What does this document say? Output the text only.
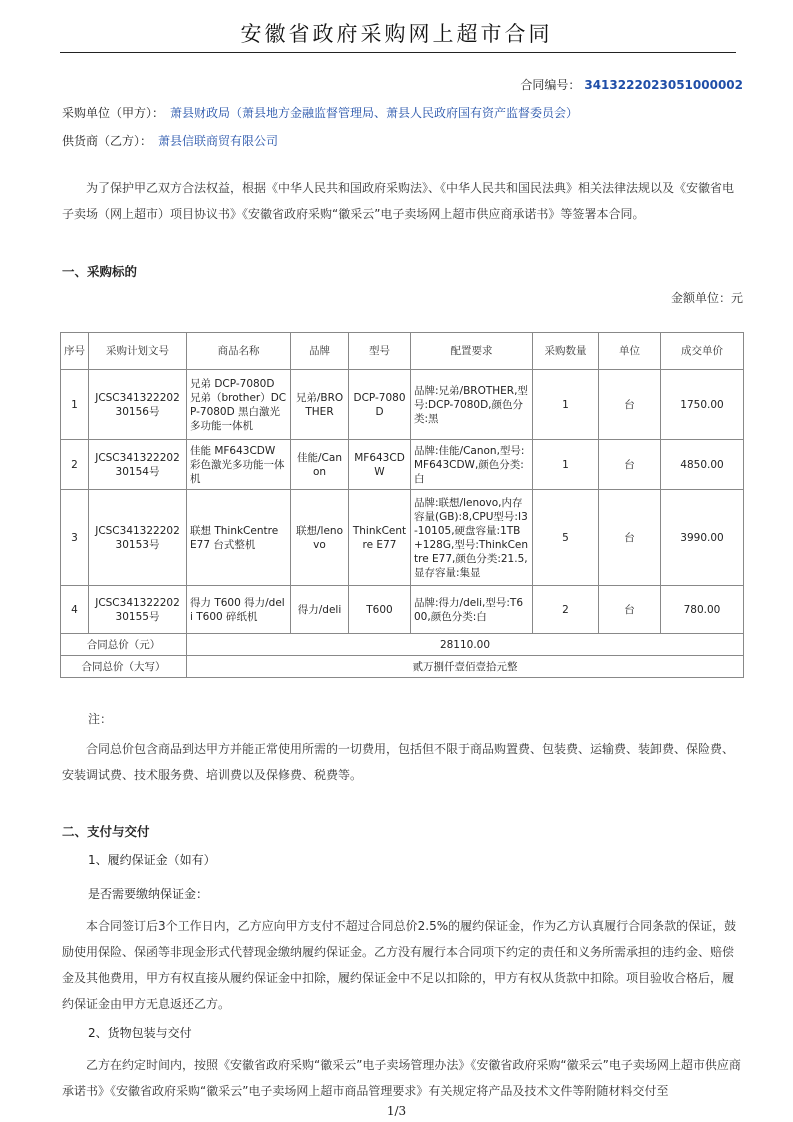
安徽省政府采购网上超市合同
合同编号： 3413222023051000002
采购单位（甲方）： 萧县财政局（萧县地方金融监督管理局、萧县人民政府国有资产监督委员会）
供货商（乙方）： 萧县信联商贸有限公司
为了保护甲乙双方合法权益，根据《中华人民共和国政府采购法》、《中华人民共和国民法典》相关法律法规以及《安徽省电子卖场（网上超市）项目协议书》《安徽省政府采购“徽采云”电子卖场网上超市供应商承诺书》等签署本合同。
一、采购标的
金额单位：元
序号	采购计划文号	商品名称	品牌	型号	配置要求	采购数量	单位	成交单价
1	JCSC34132220230156号	兄弟 DCP-7080D 兄弟（brother）DCP-7080D 黑白激光多功能一体机	兄弟/BROTHER	DCP-7080D	品牌:兄弟/BROTHER,型号:DCP-7080D,颜色分类:黑	1	台	1750.00
2	JCSC34132220230154号	佳能 MF643CDW 彩色激光多功能一体机	佳能/Canon	MF643CDW	品牌:佳能/Canon,型号:MF643CDW,颜色分类:白	1	台	4850.00
3	JCSC34132220230153号	联想 ThinkCentre E77 台式整机	联想/lenovo	ThinkCentre E77	品牌:联想/lenovo,内存容量(GB):8,CPU型号:I3-10105,硬盘容量:1TB+128G,型号:ThinkCentre E77,颜色分类:21.5,显存容量:集显	5	台	3990.00
4	JCSC34132220230155号	得力 T600 得力/deli T600 碎纸机	得力/deli	T600	品牌:得力/deli,型号:T600,颜色分类:白	2	台	780.00
合同总价（元）		28110.00						
合同总价（大写）		贰万捌仟壹佰壹拾元整						
注：
合同总价包含商品到达甲方并能正常使用所需的一切费用，包括但不限于商品购置费、包装费、运输费、装卸费、保险费、安装调试费、技术服务费、培训费以及保修费、税费等。
二、支付与交付
1、履约保证金（如有）
是否需要缴纳保证金：
本合同签订后3个工作日内，乙方应向甲方支付不超过合同总价2.5%的履约保证金，作为乙方认真履行合同条款的保证，鼓励使用保险、保函等非现金形式代替现金缴纳履约保证金。乙方没有履行本合同项下约定的责任和义务所需承担的违约金、赔偿金及其他费用，甲方有权直接从履约保证金中扣除，履约保证金中不足以扣除的，甲方有权从货款中扣除。项目验收合格后，履约保证金由甲方无息返还乙方。
2、货物包装与交付
乙方在约定时间内，按照《安徽省政府采购“徽采云”电子卖场管理办法》《安徽省政府采购“徽采云”电子卖场网上超市供应商承诺书》《安徽省政府采购“徽采云”电子卖场网上超市商品管理要求》有关规定将产品及技术文件等附随材料交付至
1/3
